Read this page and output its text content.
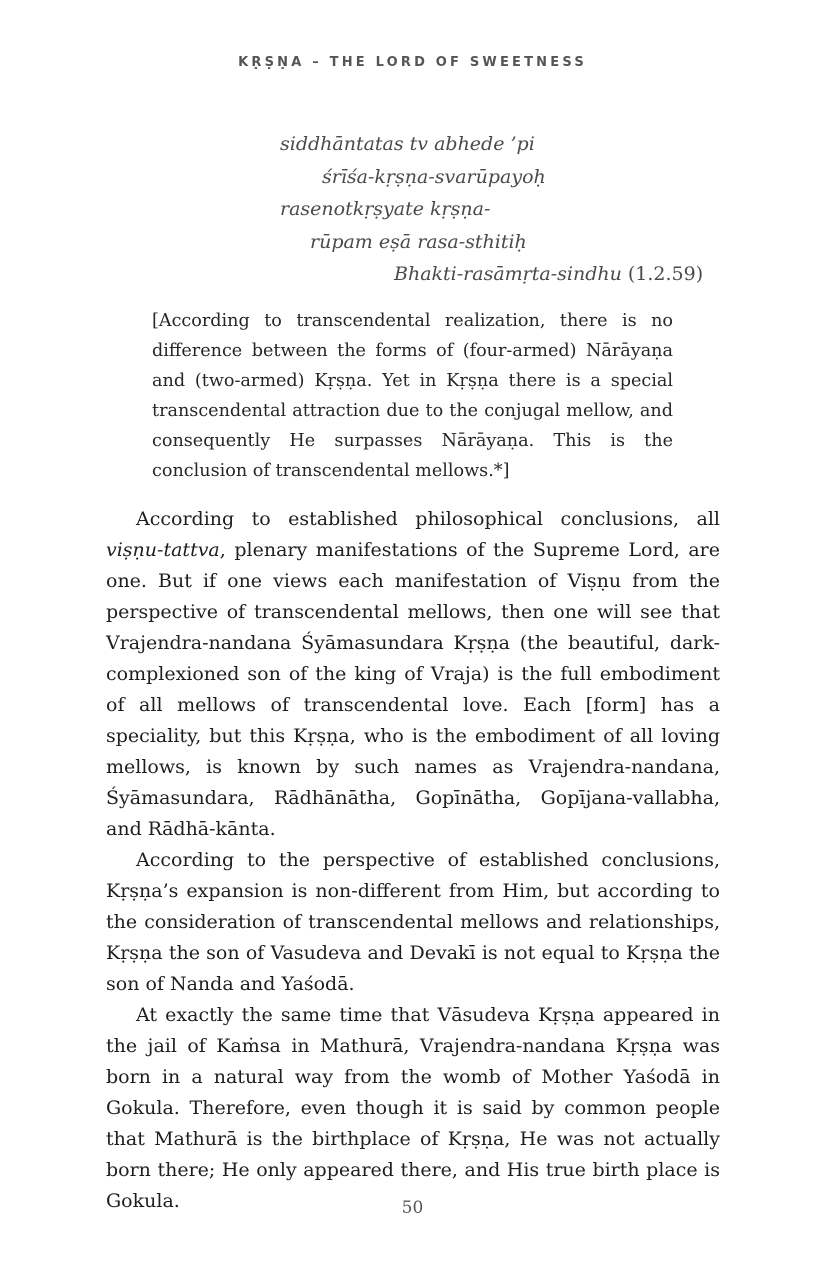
KṚṢṆA – THE LORD OF SWEETNESS
siddhāntatas tv abhede ’pi
śrīśa-kṛṣṇa-svarūpayoḥ
rasenotkṛṣyate kṛṣṇa-
rūpam eṣā rasa-sthitiḥ
Bhakti-rasāmṛta-sindhu (1.2.59)

[According to transcendental realization, there is no difference between the forms of (four-armed) Nārāyaṇa and (two-armed) Kṛṣṇa. Yet in Kṛṣṇa there is a special transcendental attraction due to the conjugal mellow, and consequently He surpasses Nārāyaṇa. This is the conclusion of transcendental mellows.*]

According to established philosophical conclusions, all viṣṇu-tattva, plenary manifestations of the Supreme Lord, are one. But if one views each manifestation of Viṣṇu from the perspective of transcendental mellows, then one will see that Vrajendra-nandana Śyāmasundara Kṛṣṇa (the beautiful, dark-complexioned son of the king of Vraja) is the full embodiment of all mellows of transcendental love. Each [form] has a speciality, but this Kṛṣṇa, who is the embodiment of all loving mellows, is known by such names as Vrajendra-nandana, Śyāmasundara, Rādhānātha, Gopīnātha, Gopījana-vallabha, and Rādhā-kānta.

According to the perspective of established conclusions, Kṛṣṇa’s expansion is non-different from Him, but according to the consideration of transcendental mellows and relationships, Kṛṣṇa the son of Vasudeva and Devakī is not equal to Kṛṣṇa the son of Nanda and Yaśodā.

At exactly the same time that Vāsudeva Kṛṣṇa appeared in the jail of Kaṁsa in Mathurā, Vrajendra-nandana Kṛṣṇa was born in a natural way from the womb of Mother Yaśodā in Gokula. Therefore, even though it is said by common people that Mathurā is the birthplace of Kṛṣṇa, He was not actually born there; He only appeared there, and His true birth place is Gokula.	50
